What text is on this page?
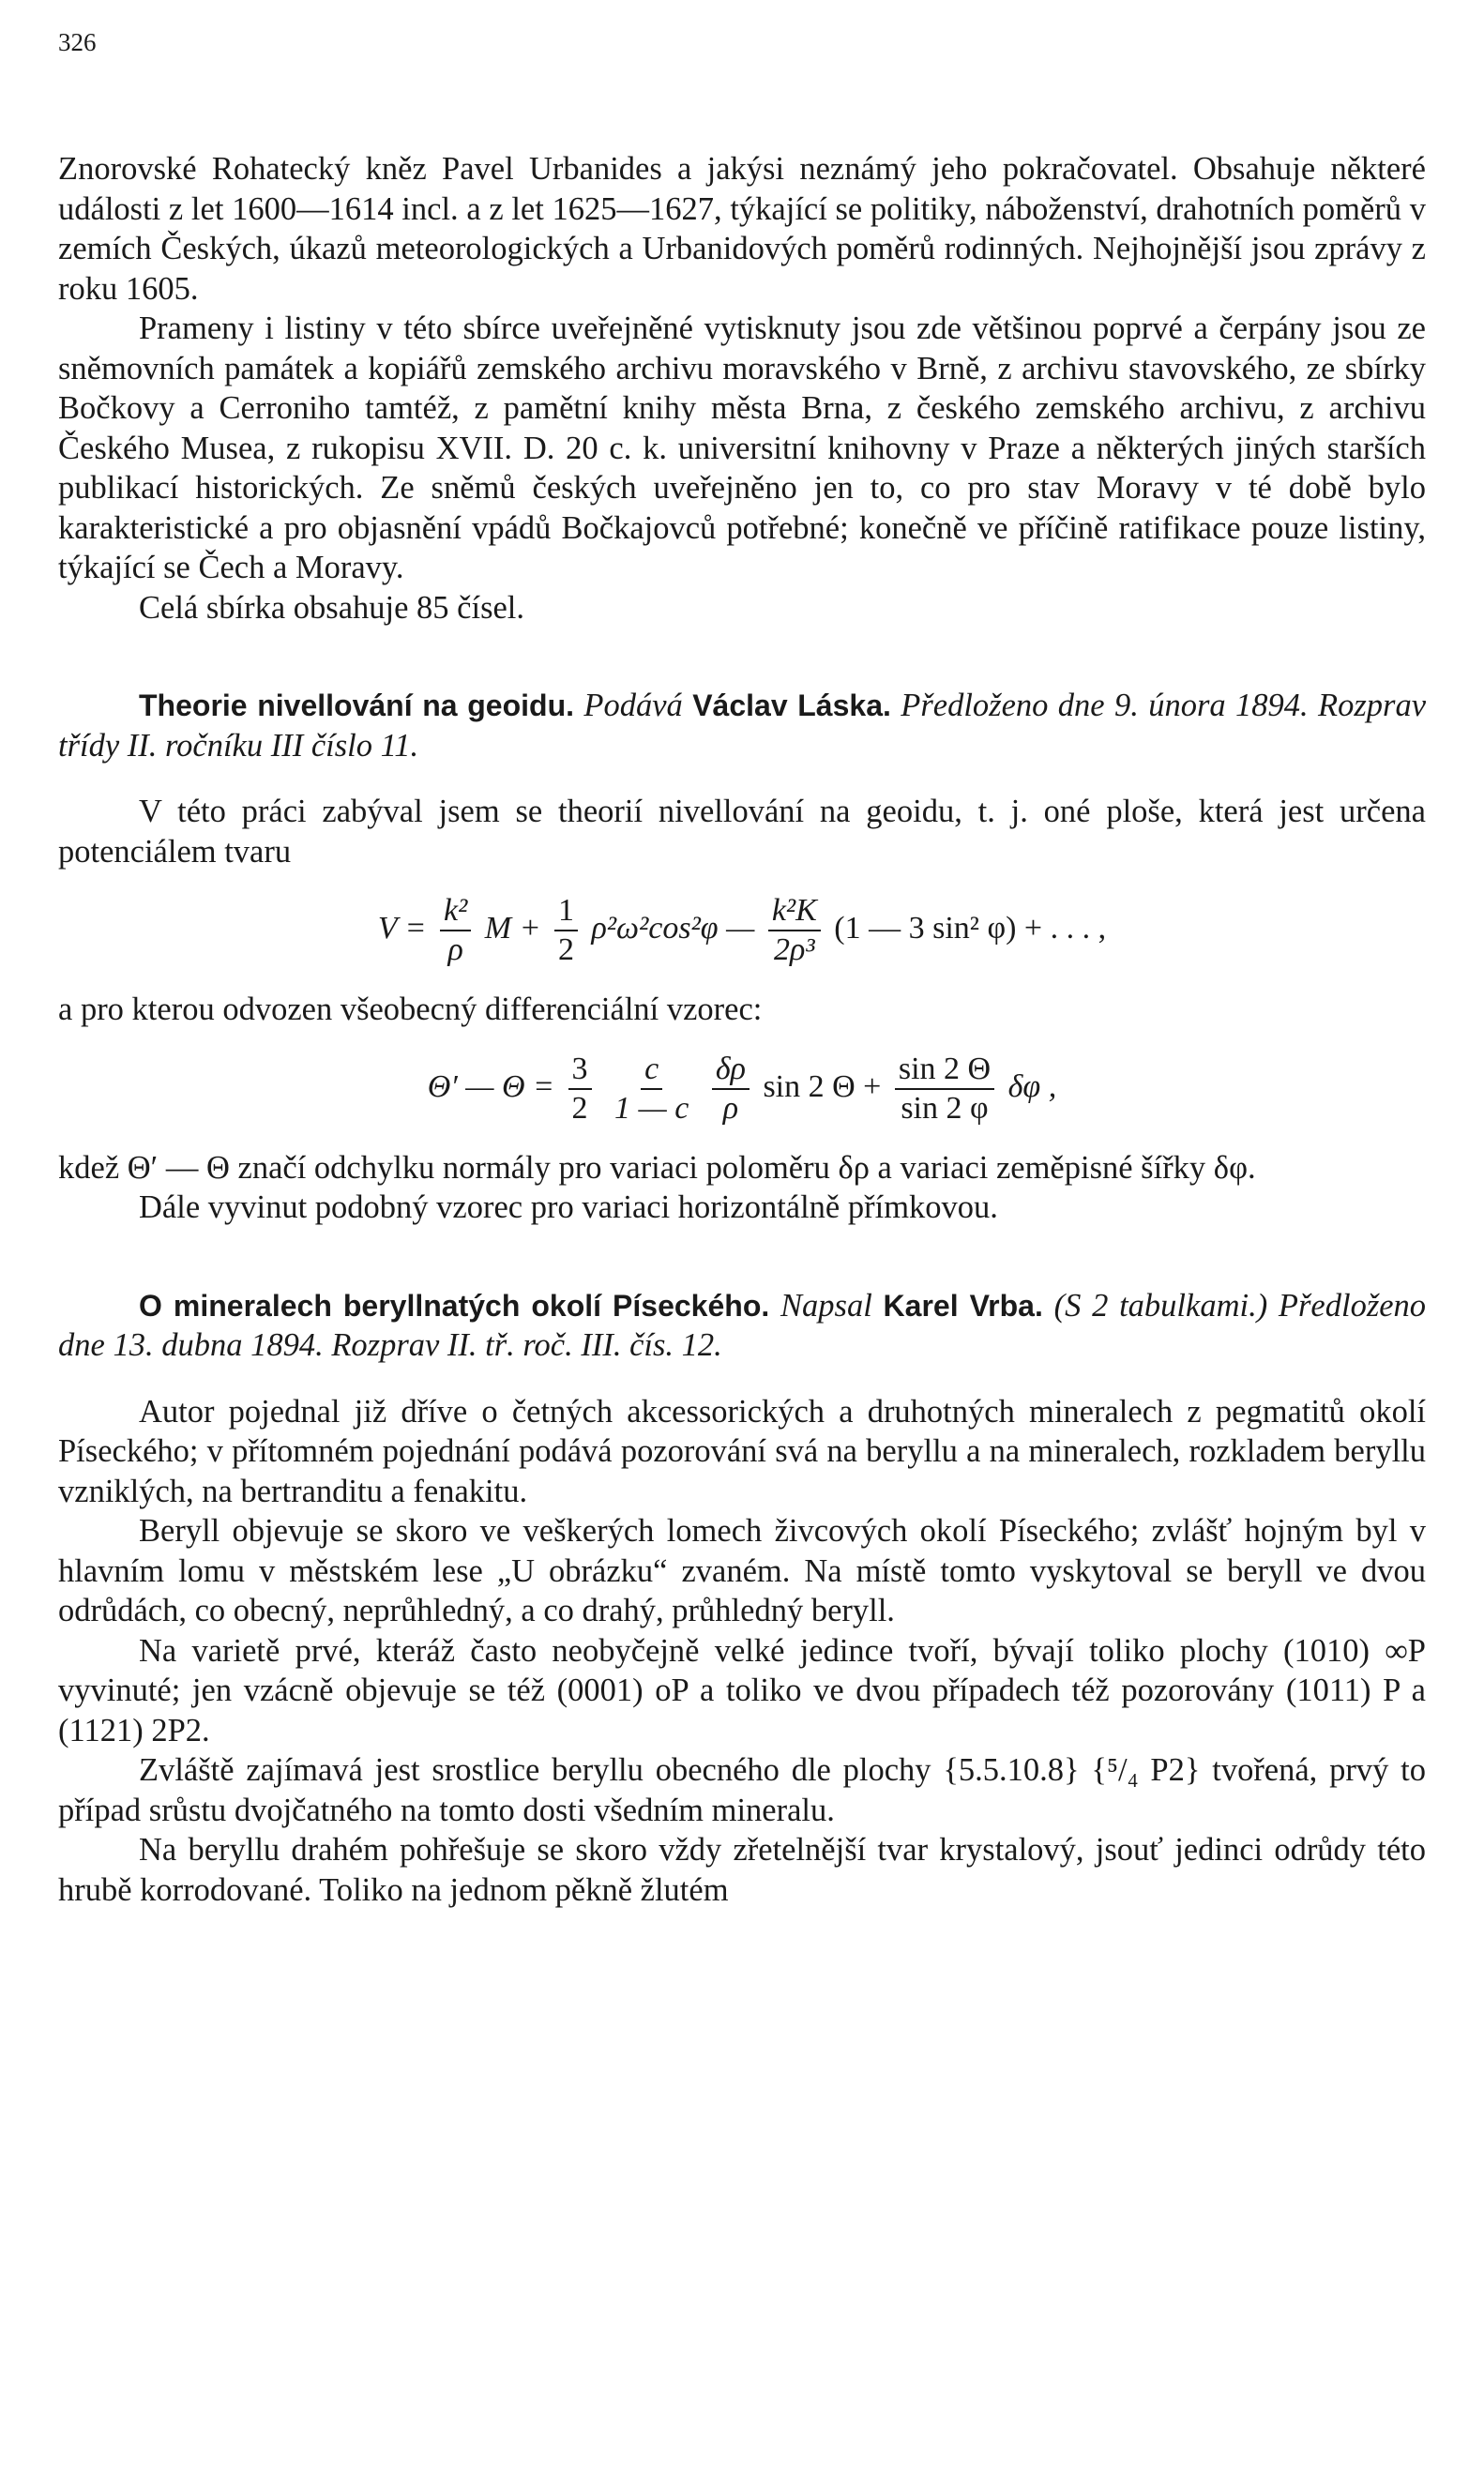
326

Znorovské Rohatecký kněz Pavel Urbanides a jakýsi neznámý jeho pokračovatel. Obsahuje některé události z let 1600—1614 incl. a z let 1625—1627, týkající se politiky, náboženství, drahotních poměrů v zemích Českých, úkazů meteorologických a Urbanidových poměrů rodinných. Nejhojnější jsou zprávy z roku 1605.

Prameny i listiny v této sbírce uveřejněné vytisknuty jsou zde většinou poprvé a čerpány jsou ze sněmovních památek a kopiářů zemského archivu moravského v Brně, z archivu stavovského, ze sbírky Bočkovy a Cerroniho tamtéž, z pamětní knihy města Brna, z českého zemského archivu, z archivu Českého Musea, z rukopisu XVII. D. 20 c. k. universitní knihovny v Praze a některých jiných starších publikací historických. Ze sněmů českých uveřejněno jen to, co pro stav Moravy v té době bylo karakteristické a pro objasnění vpádů Bočkajovců potřebné; konečně ve příčině ratifikace pouze listiny, týkající se Čech a Moravy.

Celá sbírka obsahuje 85 čísel.

Theorie nivellování na geoidu. Podává Václav Láska. Předloženo dne 9. února 1894. Rozprav třídy II. ročníku III číslo 11.

V této práci zabýval jsem se theorií nivellování na geoidu, t. j. oné ploše, která jest určena potenciálem tvaru

$V = \frac{\text{k²}}{\rho}$ $M + \frac{1}{2} \rho^2\omega^2\cos^2\varphi$ — $\frac{\text{k²K}}{\text{2ρ³}} (1$ — 3 sin² φ) + . . . ,

a pro kterou odvozen všeobecný differenciální vzorec:

Θ′ — $\Theta = \frac{3}{2}$
$\frac{c}{1 — c}$
$\frac{\delta\rho}{\rho}$ sin 2 $\Theta + \frac{\sin 2 \Theta}{\sin 2 \varphi}$ δφ ,

kdež Θ′ — Θ značí odchylku normály pro variaci poloměru δρ a variaci zeměpisné šířky δφ.

Dále vyvinut podobný vzorec pro variaci horizontálně přímkovou.

O mineralech beryllnatých okolí Píseckého. Napsal Karel Vrba. (S 2 tabulkami.) Předloženo dne 13. dubna 1894. Rozprav II. tř. roč. III. čís. 12.

Autor pojednal již dříve o četných akcessorických a druhotných mineralech z pegmatitů okolí Píseckého; v přítomném pojednání podává pozorování svá na beryllu a na mineralech, rozkladem beryllu vzniklých, na bertranditu a fenakitu.

Beryll objevuje se skoro ve veškerých lomech živcových okolí Píseckého; zvlášť hojným byl v hlavním lomu v městském lese „U obrázku“ zvaném. Na místě tomto vyskytoval se beryll ve dvou odrůdách, co obecný, neprůhledný, a co drahý, průhledný beryll.

Na varietě prvé, kteráž často neobyčejně velké jedince tvoří, bývají toliko plochy (1010) ∞P vyvinuté; jen vzácně objevuje se též (0001) oP a toliko ve dvou případech též pozorovány (1011) P a (1121) 2P2.

Zvláště zajímavá jest srostlice beryllu obecného dle plochy {5.5.10.8} {⁵/₄ P2} tvořená, prvý to případ srůstu dvojčatného na tomto dosti všedním mineralu.

Na beryllu drahém pohřešuje se skoro vždy zřetelnější tvar krystalový, jsouť jedinci odrůdy této hrubě korrodované. Toliko na jednom pěkně žlutém
